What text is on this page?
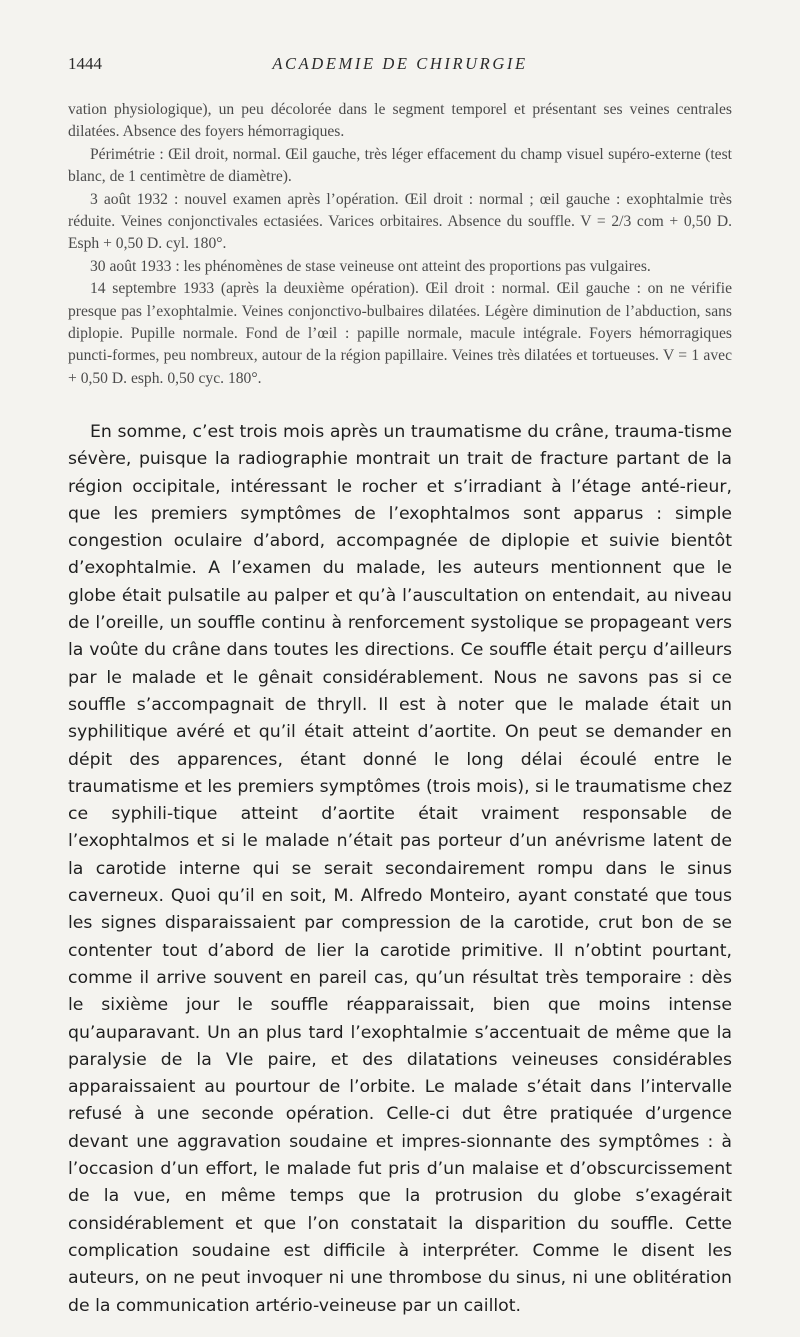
1444	ACADEMIE DE CHIRURGIE

vation physiologique), un peu décolorée dans le segment temporel et présentant ses veines centrales dilatées. Absence des foyers hémorragiques.

Périmétrie : Œil droit, normal. Œil gauche, très léger effacement du champ visuel supéro-externe (test blanc, de 1 centimètre de diamètre).

3 août 1932 : nouvel examen après l’opération. Œil droit : normal ; œil gauche : exophtalmie très réduite. Veines conjonctivales ectasiées. Varices orbitaires. Absence du souffle. V = 2/3 com + 0,50 D. Esph + 0,50 D. cyl. 180°.

30 août 1933 : les phénomènes de stase veineuse ont atteint des proportions pas vulgaires.

14 septembre 1933 (après la deuxième opération). Œil droit : normal. Œil gauche : on ne vérifie presque pas l’exophtalmie. Veines conjonctivo-bulbaires dilatées. Légère diminution de l’abduction, sans diplopie. Pupille normale. Fond de l’œil : papille normale, macule intégrale. Foyers hémorragiques puncti-formes, peu nombreux, autour de la région papillaire. Veines très dilatées et tortueuses. V = 1 avec + 0,50 D. esph. 0,50 cyc. 180°.

En somme, c’est trois mois après un traumatisme du crâne, trauma-tisme sévère, puisque la radiographie montrait un trait de fracture partant de la région occipitale, intéressant le rocher et s’irradiant à l’étage anté-rieur, que les premiers symptômes de l’exophtalmos sont apparus : simple congestion oculaire d’abord, accompagnée de diplopie et suivie bientôt d’exophtalmie. A l’examen du malade, les auteurs mentionnent que le globe était pulsatile au palper et qu’à l’auscultation on entendait, au niveau de l’oreille, un souffle continu à renforcement systolique se propageant vers la voûte du crâne dans toutes les directions. Ce souffle était perçu d’ailleurs par le malade et le gênait considérablement. Nous ne savons pas si ce souffle s’accompagnait de thryll. Il est à noter que le malade était un syphilitique avéré et qu’il était atteint d’aortite. On peut se demander en dépit des apparences, étant donné le long délai écoulé entre le traumatisme et les premiers symptômes (trois mois), si le traumatisme chez ce syphili-tique atteint d’aortite était vraiment responsable de l’exophtalmos et si le malade n’était pas porteur d’un anévrisme latent de la carotide interne qui se serait secondairement rompu dans le sinus caverneux. Quoi qu’il en soit, M. Alfredo Monteiro, ayant constaté que tous les signes disparaissaient par compression de la carotide, crut bon de se contenter tout d’abord de lier la carotide primitive. Il n’obtint pourtant, comme il arrive souvent en pareil cas, qu’un résultat très temporaire : dès le sixième jour le souffle réapparaissait, bien que moins intense qu’auparavant. Un an plus tard l’exophtalmie s’accentuait de même que la paralysie de la VIe paire, et des dilatations veineuses considérables apparaissaient au pourtour de l’orbite. Le malade s’était dans l’intervalle refusé à une seconde opération. Celle-ci dut être pratiquée d’urgence devant une aggravation soudaine et impres-sionnante des symptômes : à l’occasion d’un effort, le malade fut pris d’un malaise et d’obscurcissement de la vue, en même temps que la protrusion du globe s’exagérait considérablement et que l’on constatait la disparition du souffle. Cette complication soudaine est difficile à interpréter. Comme le disent les auteurs, on ne peut invoquer ni une thrombose du sinus, ni une oblitération de la communication artério-veineuse par un caillot.
